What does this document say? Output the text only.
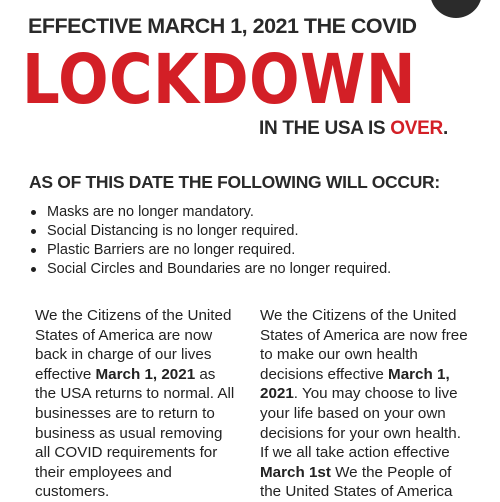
EFFECTIVE MARCH 1, 2021 THE COVID
LOCKDOWN
IN THE USA IS OVER.
AS OF THIS DATE THE FOLLOWING WILL OCCUR:
Masks are no longer mandatory.
Social Distancing is no longer required.
Plastic Barriers are no longer required.
Social Circles and Boundaries are no longer required.
We the Citizens of the United
States of America are now
back in charge of our lives
effective March 1, 2021 as
the USA returns to normal. All
businesses are to return to
business as usual removing
all COVID requirements for
their employees and
customers.
We the Citizens of the United
States of America are now free
to make our own health
decisions effective March 1,
2021. You may choose to live
your life based on your own
decisions for your own health.
If we all take action effective
March 1st We the People of
the United States of America
